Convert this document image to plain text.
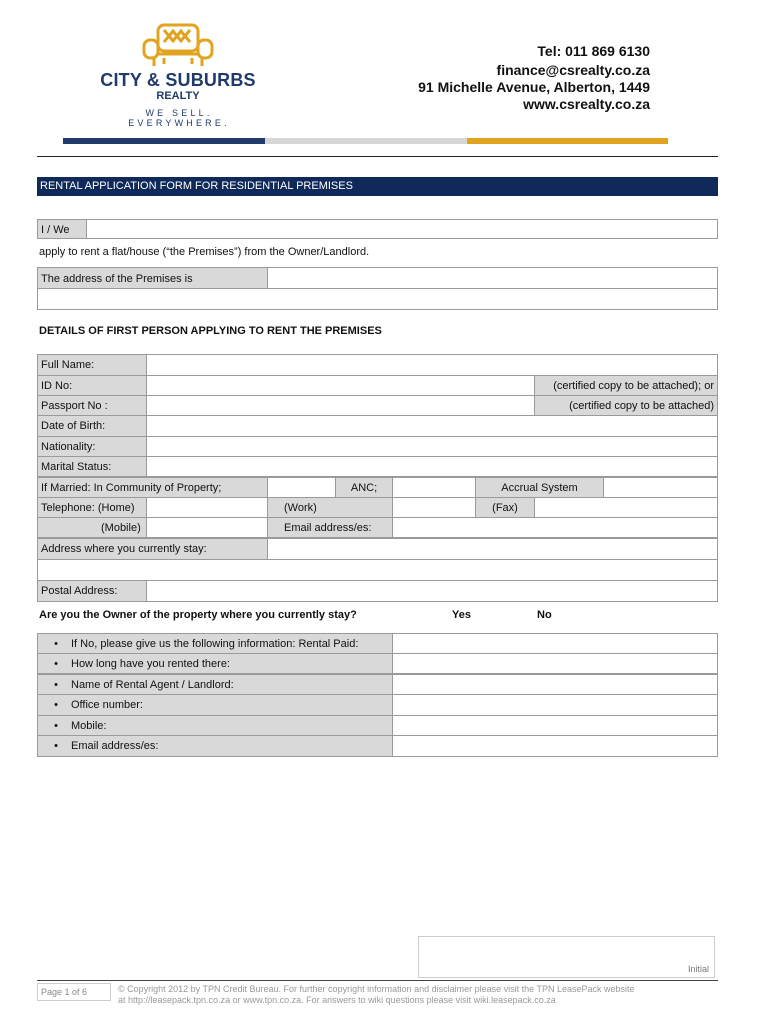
CITY & SUBURBS
REALTY
WE SELL. EVERYWHERE.
Tel: 011 869 6130
finance@csrealty.co.za
91 Michelle Avenue, Alberton, 1449
www.csrealty.co.za
RENTAL APPLICATION FORM FOR RESIDENTIAL PREMISES
I / We
apply to rent a flat/house (“the Premises”) from the Owner/Landlord.
The address of the Premises is
DETAILS OF FIRST PERSON APPLYING TO RENT THE PREMISES
Full Name:
ID No:	(certified copy to be attached); or
Passport No :	(certified copy to be attached)
Date of Birth:
Nationality:
Marital Status:
If Married: In Community of Property;	ANC;	Accrual System
Telephone: (Home)	(Work)	(Fax)
(Mobile)	Email address/es:
Address where you currently stay:
Postal Address:
Are you the Owner of the property where you currently stay?	Yes	No
• If No, please give us the following information: Rental Paid:
• How long have you rented there:
• Name of Rental Agent / Landlord:
• Office number:
• Mobile:
• Email address/es:
Initial
Page 1 of 6	© Copyright 2012 by TPN Credit Bureau. For further copyright information and disclaimer please visit the TPN LeasePack website
at http://leasepack.tpn.co.za or www.tpn.co.za. For answers to wiki questions please visit wiki.leasepack.co.za
